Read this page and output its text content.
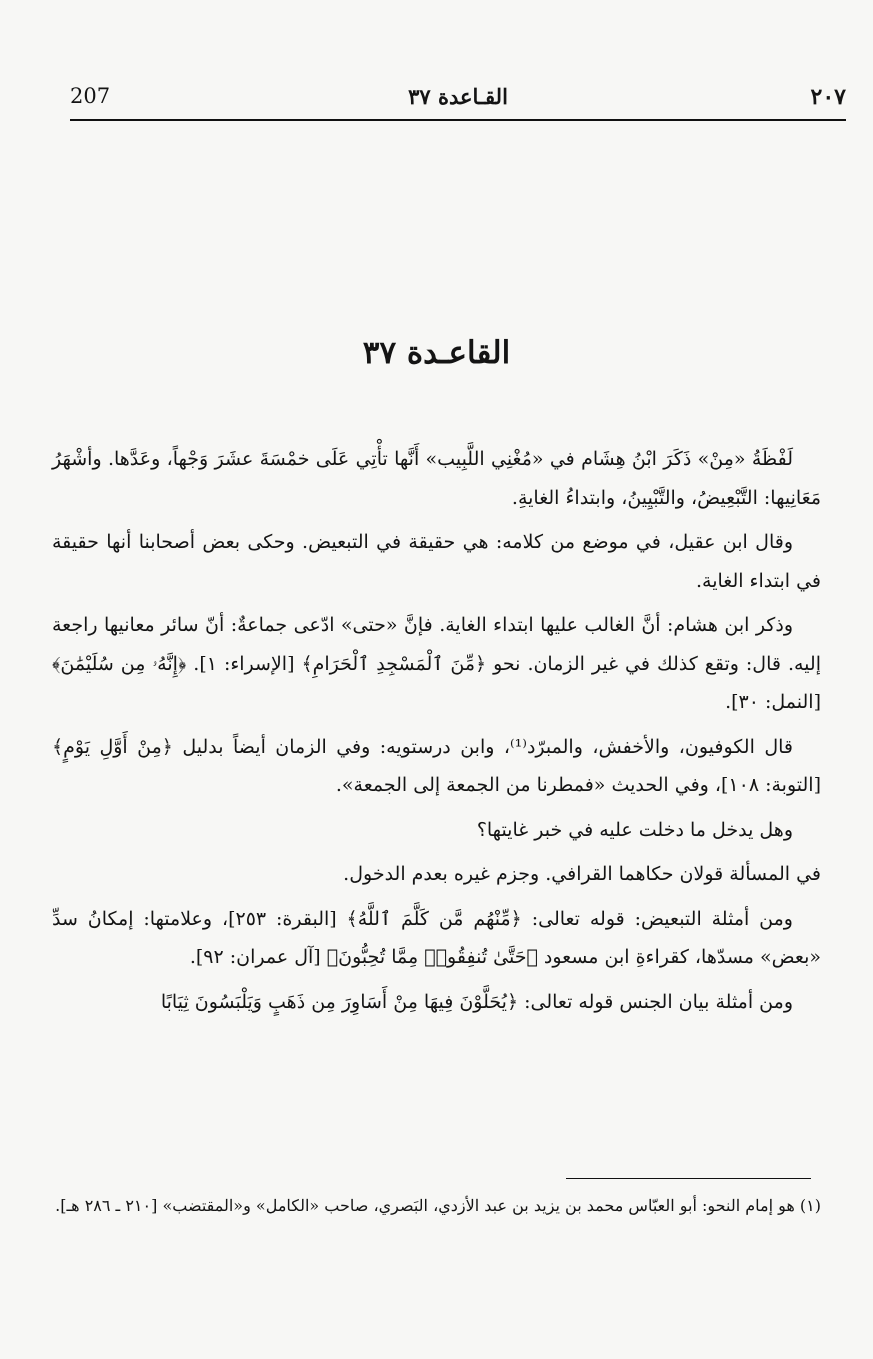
٢٠٧
القـاعدة ٣٧
207
القاعـدة ٣٧

لَفْظَةُ «مِنْ» ذَكَرَ ابْنُ هِشَام في «مُغْنِي اللَّبِيب» أَنَّها تأْتِي عَلَى خمْسَةَ عشَرَ وَجْهاً، وعَدَّها. وأشْهَرُ مَعَانِيها: التَّبْعِيضُ، والتَّبْيِينُ، وابتداءُ الغايةِ.

وقال ابن عقيل، في موضع من كلامه: هي حقيقة في التبعيض. وحكى بعض أصحابنا أنها حقيقة في ابتداء الغاية.

وذكر ابن هشام: أنَّ الغالب عليها ابتداء الغاية. فإنَّ «حتى» ادّعى جماعةٌ: أنّ سائر معانيها راجعة إليه. قال: وتقع كذلك في غير الزمان. نحو ﴿مِّنَ ٱلْمَسْجِدِ ٱلْحَرَامِ﴾ [الإسراء: ١]. ﴿إِنَّهُۥ مِن سُلَيْمَٰنَ﴾ [النمل: ٣٠].

قال الكوفيون، والأخفش، والمبرّد⁽¹⁾، وابن درستويه: وفي الزمان أيضاً بدليل ﴿مِنْ أَوَّلِ يَوْمٍ﴾ [التوبة: ١٠٨]، وفي الحديث «فمطرنا من الجمعة إلى الجمعة».

وهل يدخل ما دخلت عليه في خبر غايتها؟

في المسألة قولان حكاهما القرافي. وجزم غيره بعدم الدخول.

ومن أمثلة التبعيض: قوله تعالى: ﴿مِّنْهُم مَّن كَلَّمَ ٱللَّهُ﴾ [البقرة: ٢٥٣]، وعلامتها: إمكانُ سدِّ «بعض» مسدّها، كقراءةِ ابن مسعود ﴿حَتَّىٰ تُنفِقُوا۟ مِمَّا تُحِبُّونَ﴾ [آل عمران: ٩٢].

ومن أمثلة بيان الجنس قوله تعالى: ﴿يُحَلَّوْنَ فِيهَا مِنْ أَسَاوِرَ مِن ذَهَبٍ وَيَلْبَسُونَ ثِيَابًا

(١) هو إمام النحو: أبو العبّاس محمد بن يزيد بن عبد الأزدي، البَصري، صاحب «الكامل» و«المقتضب» [٢١٠ ـ ٢٨٦ هـ].
